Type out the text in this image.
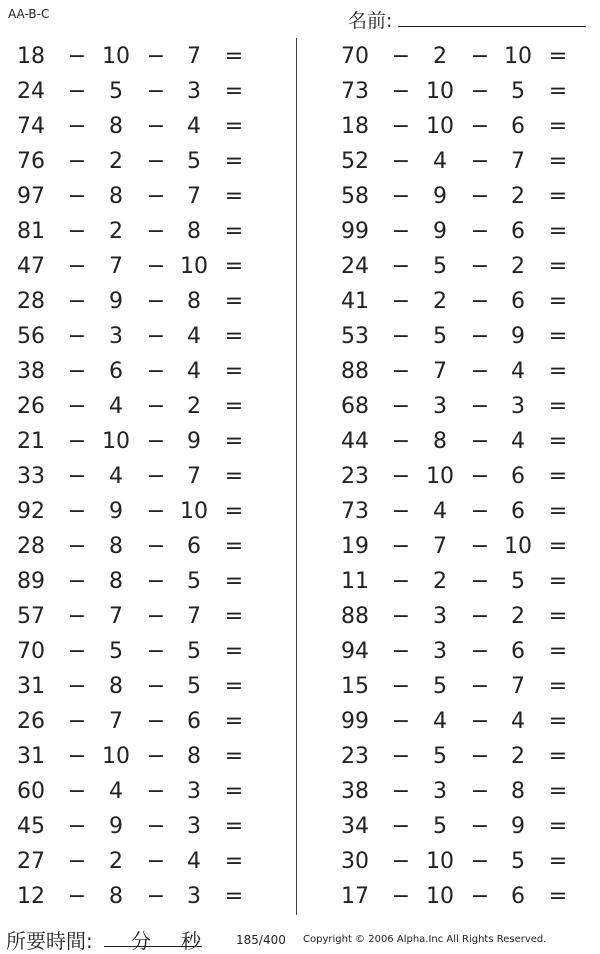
AA-B-C	名前:
18	− 10 − 7	=
24	−	5	− 3	=
74	−	8	− 4	=
76	−	2	− 5	=
97	−	8	− 7	=
81	−	2	− 8	=
47	−	7	− 10 =
28	−	9	− 8	=
56	−	3	− 4	=
38	−	6	− 4	=
26	−	4	− 2	=
21	− 10 − 9	=
33	−	4	− 7	=
92	−	9	− 10 =
28	−	8	− 6	=
89	−	8	− 5	=
57	−	7	− 7	=
70	−	5	− 5	=
31	−	8	− 5	=
26	−	7	− 6	=
31	− 10 − 8	=
60	−	4	− 3	=
45	−	9	− 3	=
27	−	2	− 4	=
12	−	8	− 3	=
70	−	2	− 10 =
73	− 10 − 5	=
18	− 10 − 6	=
52	−	4	− 7	=
58	−	9	− 2	=
99	−	9	− 6	=
24	−	5	− 2	=
41	−	2	− 6	=
53	−	5	− 9	=
88	−	7	− 4	=
68	−	3	− 3	=
44	−	8	− 4	=
23	− 10 − 6	=
73	−	4	− 6	=
19	−	7	− 10 =
11	−	2	− 5	=
88	−	3	− 2	=
94	−	3	− 6	=
15	−	5	− 7	=
99	−	4	− 4	=
23	−	5	− 2	=
38	−	3	− 8	=
34	−	5	− 9	=
30	− 10 − 5	=
17	− 10 − 6	=
所要時間: 分 秒	185/400 Copyright © 2006 Alpha.Inc All Rights Reserved.
